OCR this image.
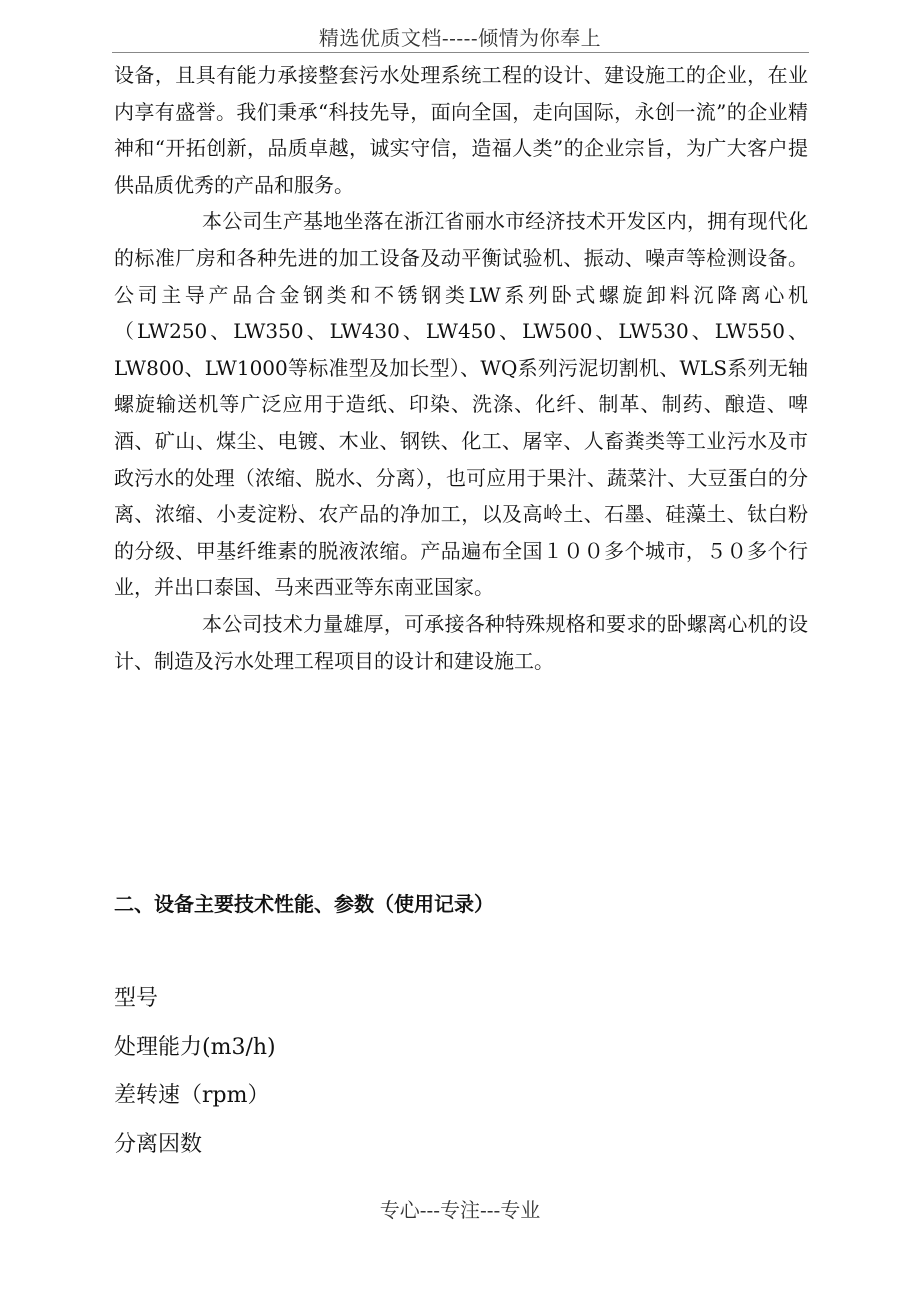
精选优质文档-----倾情为你奉上

设备，且具有能力承接整套污水处理系统工程的设计、建设施工的企业，在业内享有盛誉。我们秉承“科技先导，面向全国，走向国际，永创一流”的企业精神和“开拓创新，品质卓越，诚实守信，造福人类”的企业宗旨，为广大客户提供品质优秀的产品和服务。

本公司生产基地坐落在浙江省丽水市经济技术开发区内，拥有现代化的标准厂房和各种先进的加工设备及动平衡试验机、振动、噪声等检测设备。公司主导产品合金钢类和不锈钢类LW系列卧式螺旋卸料沉降离心机（LW250、LW350、LW430、LW450、LW500、LW530、LW550、LW800、LW1000等标准型及加长型）、WQ系列污泥切割机、WLS系列无轴螺旋输送机等广泛应用于造纸、印染、洗涤、化纤、制革、制药、酿造、啤酒、矿山、煤尘、电镀、木业、钢铁、化工、屠宰、人畜粪类等工业污水及市政污水的处理（浓缩、脱水、分离），也可应用于果汁、蔬菜汁、大豆蛋白的分离、浓缩、小麦淀粉、农产品的净加工，以及高岭土、石墨、硅藻土、钛白粉的分级、甲基纤维素的脱液浓缩。产品遍布全国１００多个城市，５０多个行业，并出口泰国、马来西亚等东南亚国家。

本公司技术力量雄厚，可承接各种特殊规格和要求的卧螺离心机的设计、制造及污水处理工程项目的设计和建设施工。

二、设备主要技术性能、参数（使用记录）
型号
处理能力(m3/h)
差转速（rpm）
分离因数
专心---专注---专业
